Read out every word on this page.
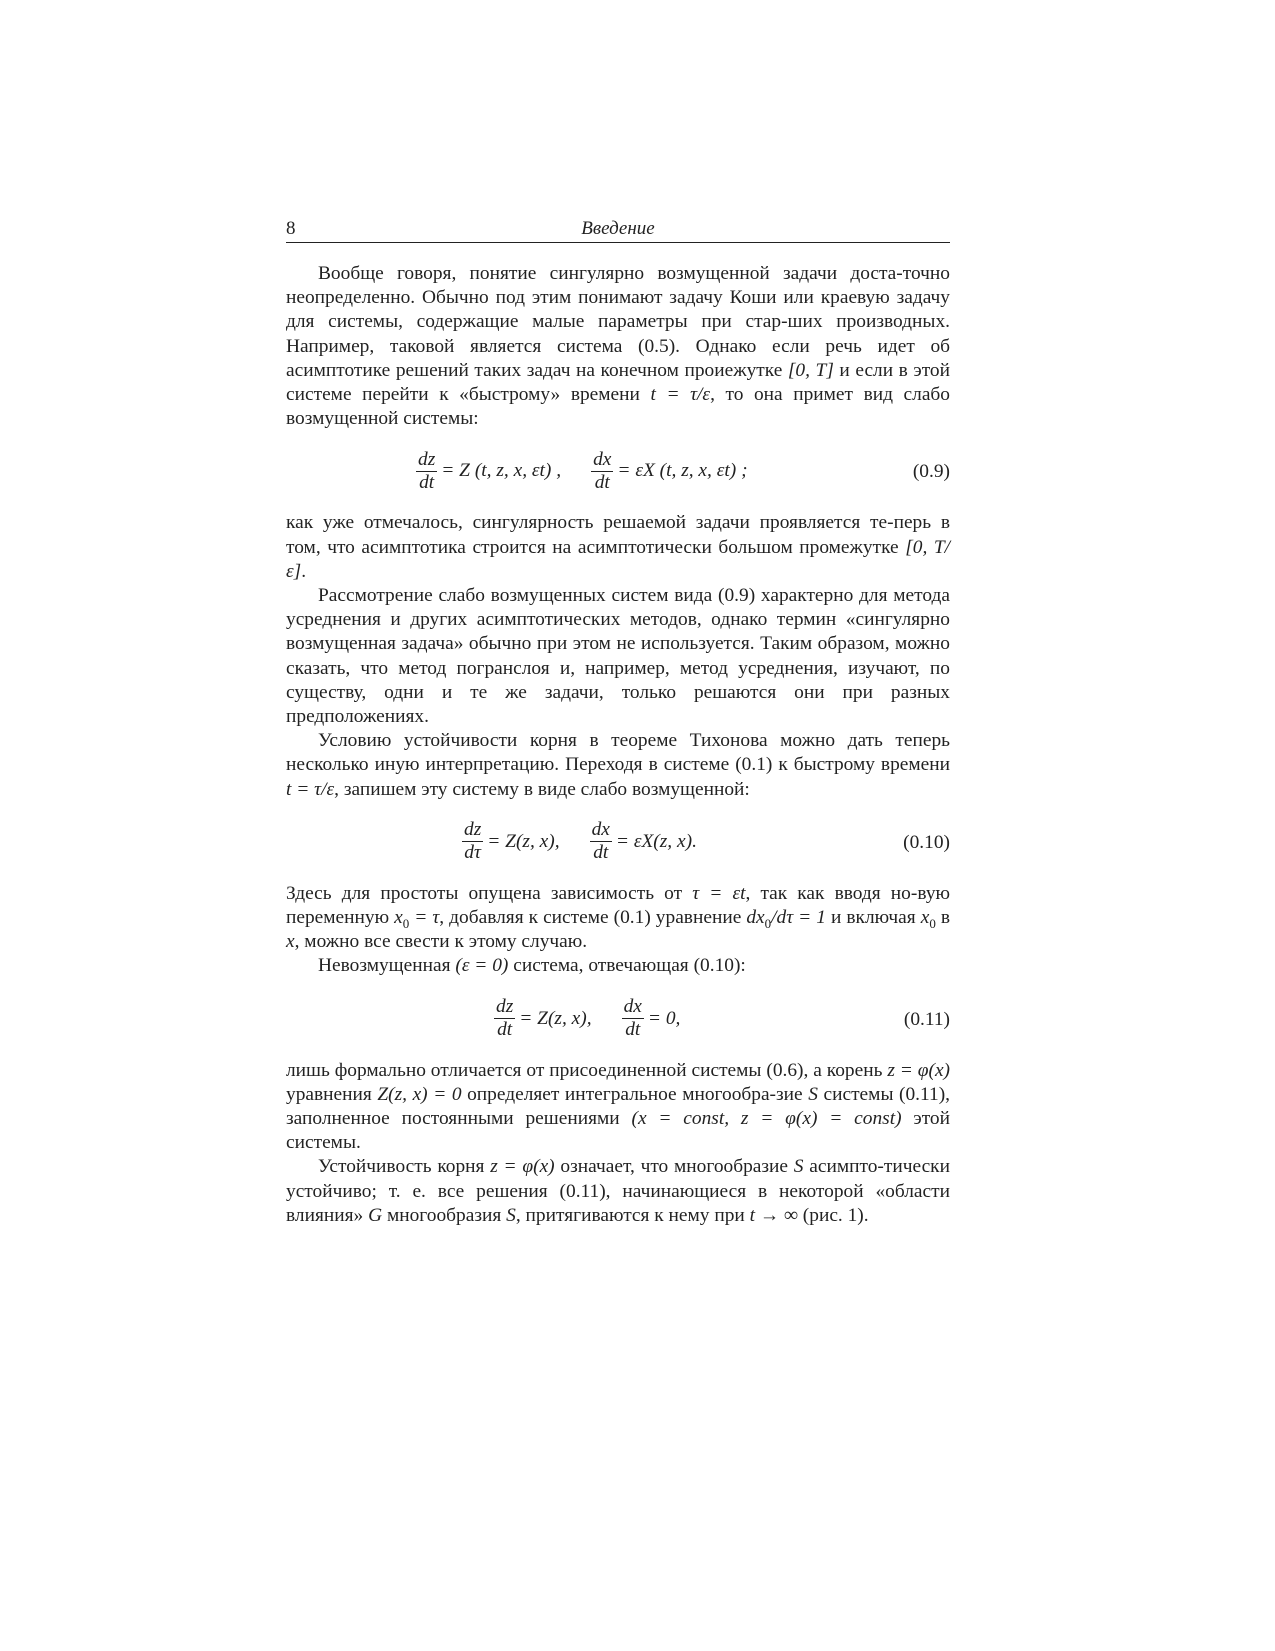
8	Введение

Вообще говоря, понятие сингулярно возмущенной задачи доста-точно неопределенно. Обычно под этим понимают задачу Коши или краевую задачу для системы, содержащие малые параметры при стар-ших производных. Например, таковой является система (0.5). Однако если речь идет об асимптотике решений таких задач на конечном проиежутке [0, T] и если в этой системе перейти к «быстрому» времени t = τ/ε, то она примет вид слабо возмущенной системы:

$\frac{dz}{dt} = Z$ (t, z, x, εt) , $\frac{dx}{dt} = \varepsilon X$ (t, z, x, εt) ;	(0.9)

как уже отмечалось, сингулярность решаемой задачи проявляется те-перь в том, что асимптотика строится на асимптотически большом промежутке [0, T/ε].

Рассмотрение слабо возмущенных систем вида (0.9) характерно для метода усреднения и других асимптотических методов, однако термин «сингулярно возмущенная задача» обычно при этом не используется. Таким образом, можно сказать, что метод погранслоя и, например, метод усреднения, изучают, по существу, одни и те же задачи, только решаются они при разных предположениях.

Условию устойчивости корня в теореме Тихонова можно дать теперь несколько иную интерпретацию. Переходя в системе (0.1) к быстрому времени t = τ/ε, запишем эту систему в виде слабо возмущенной:

$\frac{dz}{d\tau} = Z(z$, x), $\frac{dx}{dt} = \varepsilon X(z$, x).	(0.10)

Здесь для простоты опущена зависимость от τ = εt, так как вводя но-вую переменную $x_0 = \tau$, добавляя к системе (0.1) уравнение $dx_0/d\tau = 1$ и включая $x_0$ в x, можно все свести к этому случаю.

Невозмущенная (ε = 0) система, отвечающая (0.10):

$\frac{dz}{dt} = Z(z$, x), $\frac{dx}{dt} = 0$,	(0.11)

лишь формально отличается от присоединенной системы (0.6), а корень z = φ(x) уравнения Z(z, x) = 0 определяет интегральное многообра-зие S системы (0.11), заполненное постоянными решениями (x = const, z = φ(x) = const) этой системы.

Устойчивость корня z = φ(x) означает, что многообразие S асимпто-тически устойчиво; т. е. все решения (0.11), начинающиеся в некоторой «области влияния» G многообразия S, притягиваются к нему при t → ∞ (рис. 1).
